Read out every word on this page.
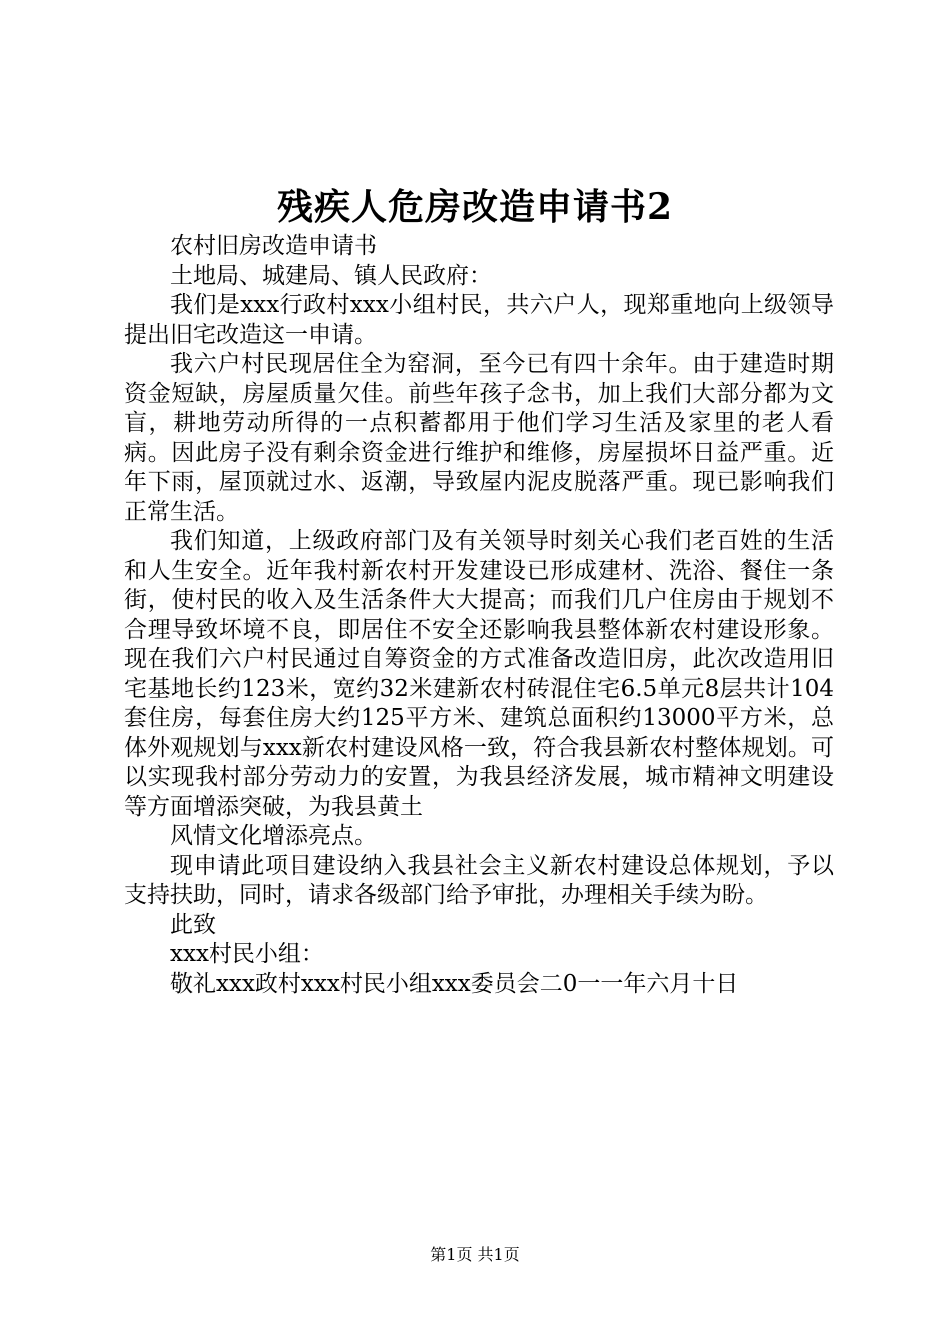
残疾人危房改造申请书2

农村旧房改造申请书

土地局、城建局、镇人民政府：

我们是xxx行政村xxx小组村民，共六户人，现郑重地向上级领导提出旧宅改造这一申请。

我六户村民现居住全为窑洞，至今已有四十余年。由于建造时期资金短缺，房屋质量欠佳。前些年孩子念书，加上我们大部分都为文盲，耕地劳动所得的一点积蓄都用于他们学习生活及家里的老人看病。因此房子没有剩余资金进行维护和维修，房屋损坏日益严重。近年下雨，屋顶就过水、返潮，导致屋内泥皮脱落严重。现已影响我们正常生活。

我们知道，上级政府部门及有关领导时刻关心我们老百姓的生活和人生安全。近年我村新农村开发建设已形成建材、洗浴、餐住一条街，使村民的收入及生活条件大大提高；而我们几户住房由于规划不合理导致坏境不良，即居住不安全还影响我县整体新农村建设形象。现在我们六户村民通过自筹资金的方式准备改造旧房，此次改造用旧宅基地长约123米，宽约32米建新农村砖混住宅6.5单元8层共计104套住房，每套住房大约125平方米、建筑总面积约13000平方米，总体外观规划与xxx新农村建设风格一致，符合我县新农村整体规划。可以实现我村部分劳动力的安置，为我县经济发展，城市精神文明建设等方面增添突破，为我县黄土

风情文化增添亮点。

现申请此项目建设纳入我县社会主义新农村建设总体规划，予以支持扶助，同时，请求各级部门给予审批，办理相关手续为盼。

此致

xxx村民小组：

敬礼xxx政村xxx村民小组xxx委员会二0一一年六月十日

第1页 共1页
